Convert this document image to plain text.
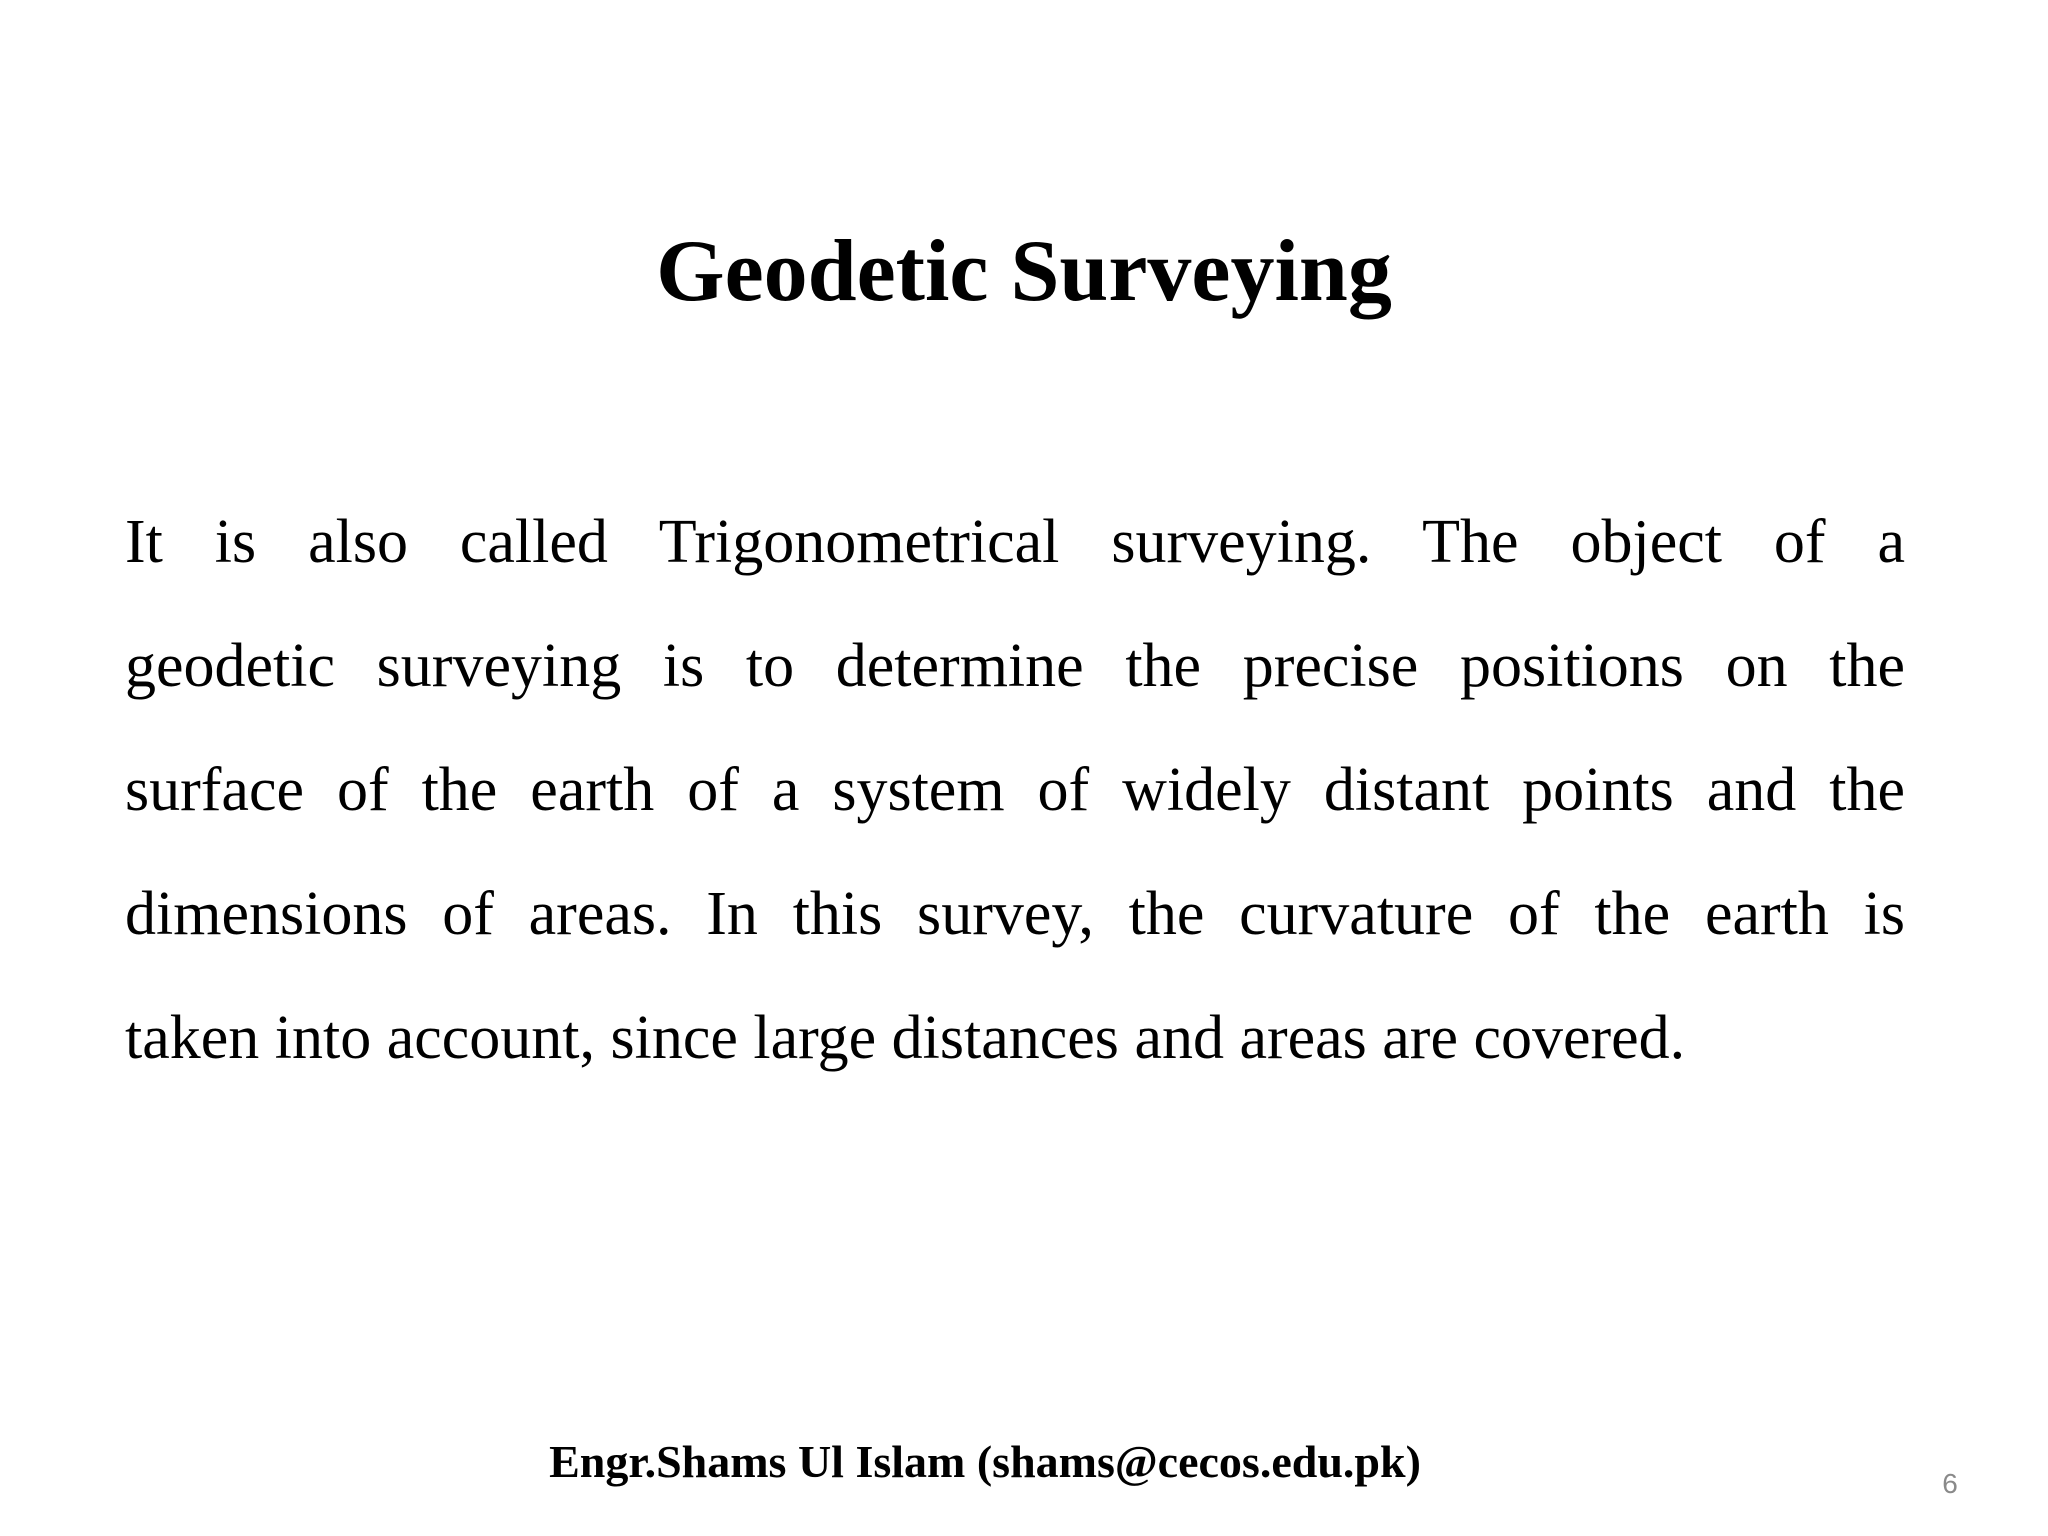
Geodetic Surveying
It is also called Trigonometrical surveying. The object of a
geodetic surveying is to determine the precise positions on the
surface of the earth of a system of widely distant points and the
dimensions of areas. In this survey, the curvature of the earth is
taken into account, since large distances and areas are covered.
Engr.Shams Ul Islam (shams@cecos.edu.pk)	6
